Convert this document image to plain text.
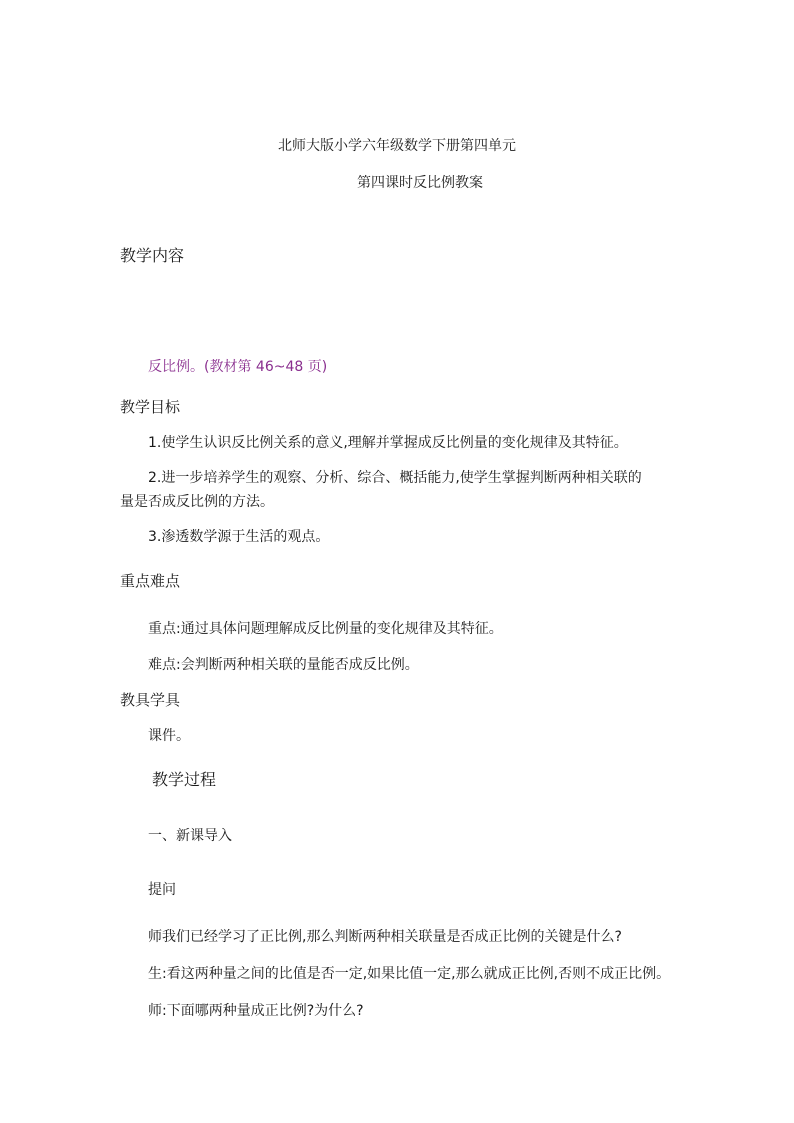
北师大版小学六年级数学下册第四单元
第四课时反比例教案
教学内容
反比例。(教材第 46~48 页)
教学目标
1.使学生认识反比例关系的意义,理解并掌握成反比例量的变化规律及其特征。
2.进一步培养学生的观察、分析、综合、概括能力,使学生掌握判断两种相关联的量是否成反比例的方法。
3.渗透数学源于生活的观点。
重点难点
重点:通过具体问题理解成反比例量的变化规律及其特征。
难点:会判断两种相关联的量能否成反比例。
教具学具
课件。
教学过程
一、新课导入
提问
师我们已经学习了正比例,那么判断两种相关联量是否成正比例的关键是什么?
生:看这两种量之间的比值是否一定,如果比值一定,那么就成正比例,否则不成正比例。
师:下面哪两种量成正比例?为什么?
